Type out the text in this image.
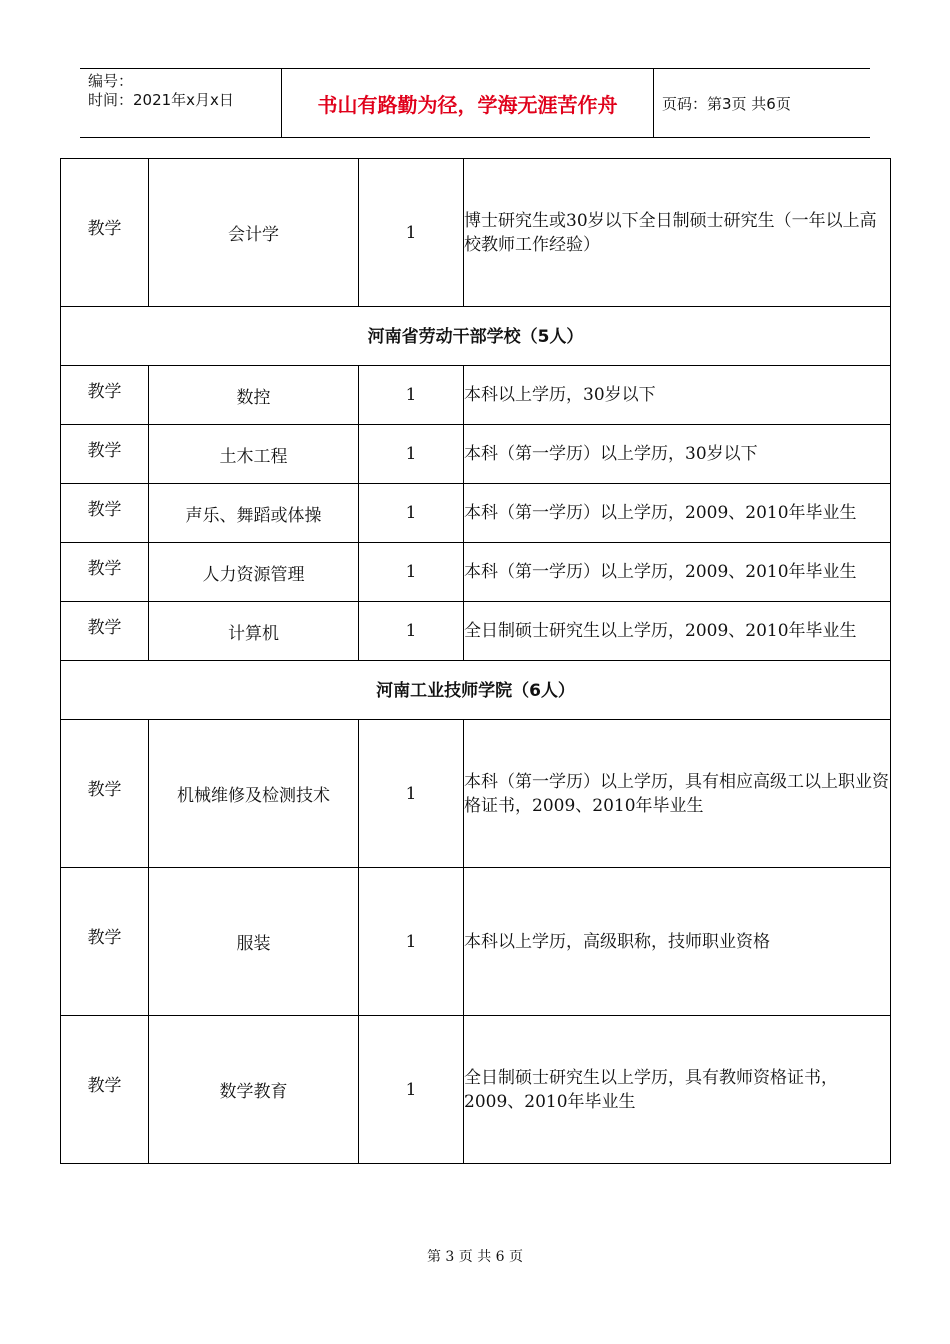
编号：
时间：2021年x月x日	书山有路勤为径，学海无涯苦作舟	页码：第3页 共6页
教学	会计学	1	博士研究生或30岁以下全日制硕士研究生（一年以上高校教师工作经验）
河南省劳动干部学校（5人）			
教学	数控	1	本科以上学历，30岁以下
教学	土木工程	1	本科（第一学历）以上学历，30岁以下
教学	声乐、舞蹈或体操	1	本科（第一学历）以上学历，2009、2010年毕业生
教学	人力资源管理	1	本科（第一学历）以上学历，2009、2010年毕业生
教学	计算机	1	全日制硕士研究生以上学历，2009、2010年毕业生
河南工业技师学院（6人）			
教学	机械维修及检测技术	1	本科（第一学历）以上学历，具有相应高级工以上职业资格证书，2009、2010年毕业生
教学	服装	1	本科以上学历，高级职称，技师职业资格
教学	数学教育	1	全日制硕士研究生以上学历，具有教师资格证书，2009、2010年毕业生
第 3 页 共 6 页
